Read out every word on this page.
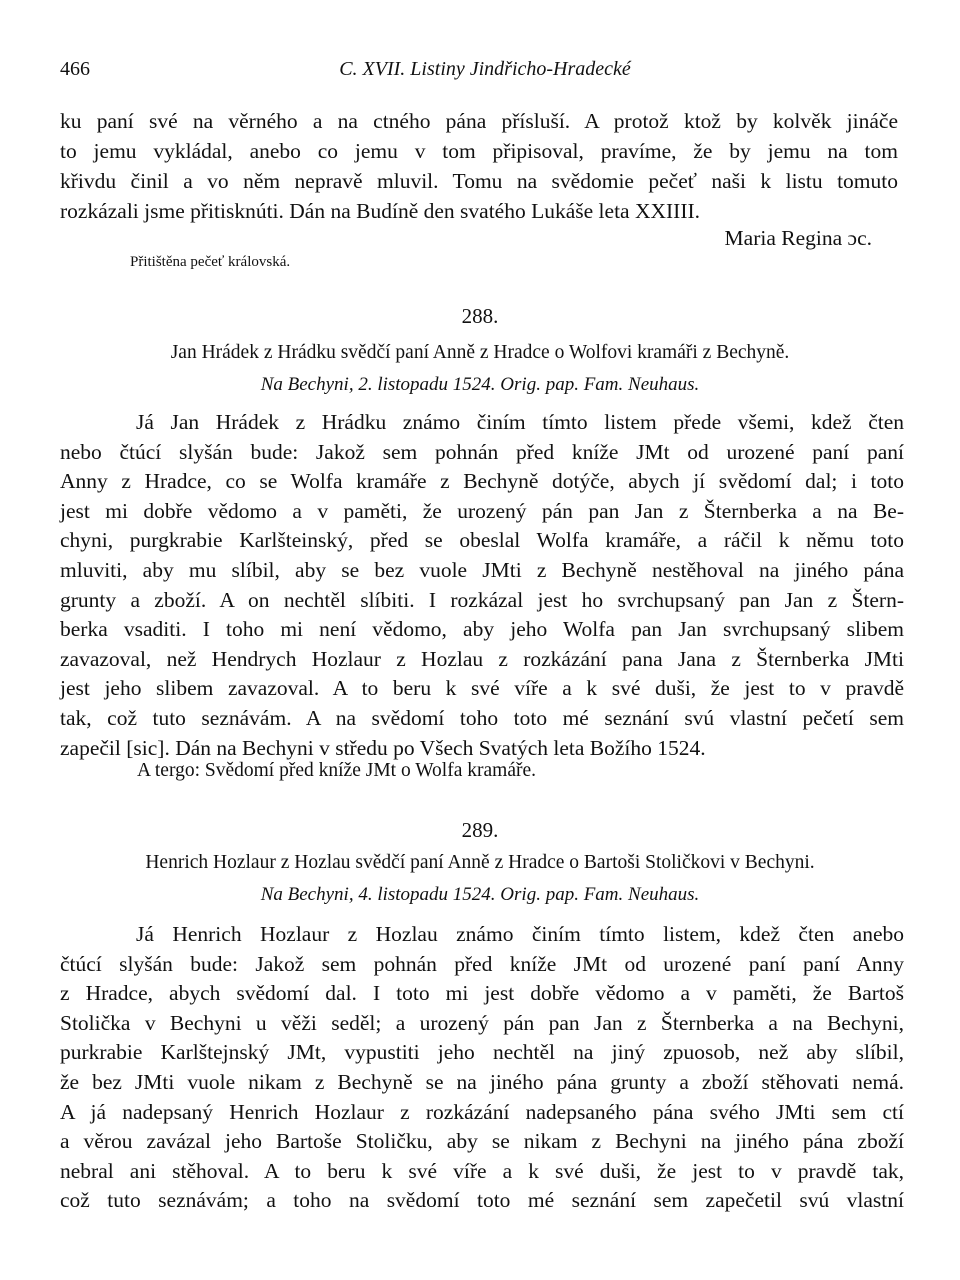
466	C. XVII. Listiny Jindřicho-Hradecké
ku paní své na věrného a na ctného pána přísluší. A protož ktož by kolvěk jináče
to jemu vykládal, anebo co jemu v tom připisoval, pravíme, že by jemu na tom
křivdu činil a vo něm nepravě mluvil. Tomu na svědomie pečeť naši k listu tomuto
rozkázali jsme přitisknúti. Dán na Budíně den svatého Lukáše leta XXIIII.
Maria Regina ɔc.
Přitištěna pečeť královská.
288.
Jan Hrádek z Hrádku svědčí paní Anně z Hradce o Wolfovi kramáři z Bechyně.
Na Bechyni, 2. listopadu 1524. Orig. pap. Fam. Neuhaus.
Já Jan Hrádek z Hrádku známo činím tímto listem přede všemi, kdež čten
nebo čtúcí slyšán bude: Jakož sem pohnán před kníže JMt od urozené paní paní
Anny z Hradce, co se Wolfa kramáře z Bechyně dotýče, abych jí svědomí dal; i toto
jest mi dobře vědomo a v paměti, že urozený pán pan Jan z Šternberka a na Be-
chyni, purgkrabie Karlšteinský, před se obeslal Wolfa kramáře, a ráčil k němu toto
mluviti, aby mu slíbil, aby se bez vuole JMti z Bechyně nestěhoval na jiného pána
grunty a zboží. A on nechtěl slíbiti. I rozkázal jest ho svrchupsaný pan Jan z Štern-
berka vsaditi. I toho mi není vědomo, aby jeho Wolfa pan Jan svrchupsaný slibem
zavazoval, než Hendrych Hozlaur z Hozlau z rozkázání pana Jana z Šternberka JMti
jest jeho slibem zavazoval. A to beru k své víře a k své duši, že jest to v pravdě
tak, což tuto seznávám. A na svědomí toho toto mé seznání svú vlastní pečetí sem
zapečil [sic]. Dán na Bechyni v středu po Všech Svatých leta Božího 1524.
A tergo: Svědomí před kníže JMt o Wolfa kramáře.
289.
Henrich Hozlaur z Hozlau svědčí paní Anně z Hradce o Bartoši Stoličkovi v Bechyni.
Na Bechyni, 4. listopadu 1524. Orig. pap. Fam. Neuhaus.
Já Henrich Hozlaur z Hozlau známo činím tímto listem, kdež čten anebo
čtúcí slyšán bude: Jakož sem pohnán před kníže JMt od urozené paní paní Anny
z Hradce, abych svědomí dal. I toto mi jest dobře vědomo a v paměti, že Bartoš
Stolička v Bechyni u věži seděl; a urozený pán pan Jan z Šternberka a na Bechyni,
purkrabie Karlštejnský JMt, vypustiti jeho nechtěl na jiný zpuosob, než aby slíbil,
že bez JMti vuole nikam z Bechyně se na jiného pána grunty a zboží stěhovati nemá.
A já nadepsaný Henrich Hozlaur z rozkázání nadepsaného pána svého JMti sem ctí
a věrou zavázal jeho Bartoše Stoličku, aby se nikam z Bechyni na jiného pána zboží
nebral ani stěhoval. A to beru k své víře a k své duši, že jest to v pravdě tak,
což tuto seznávám; a toho na svědomí toto mé seznání sem zapečetil svú vlastní
